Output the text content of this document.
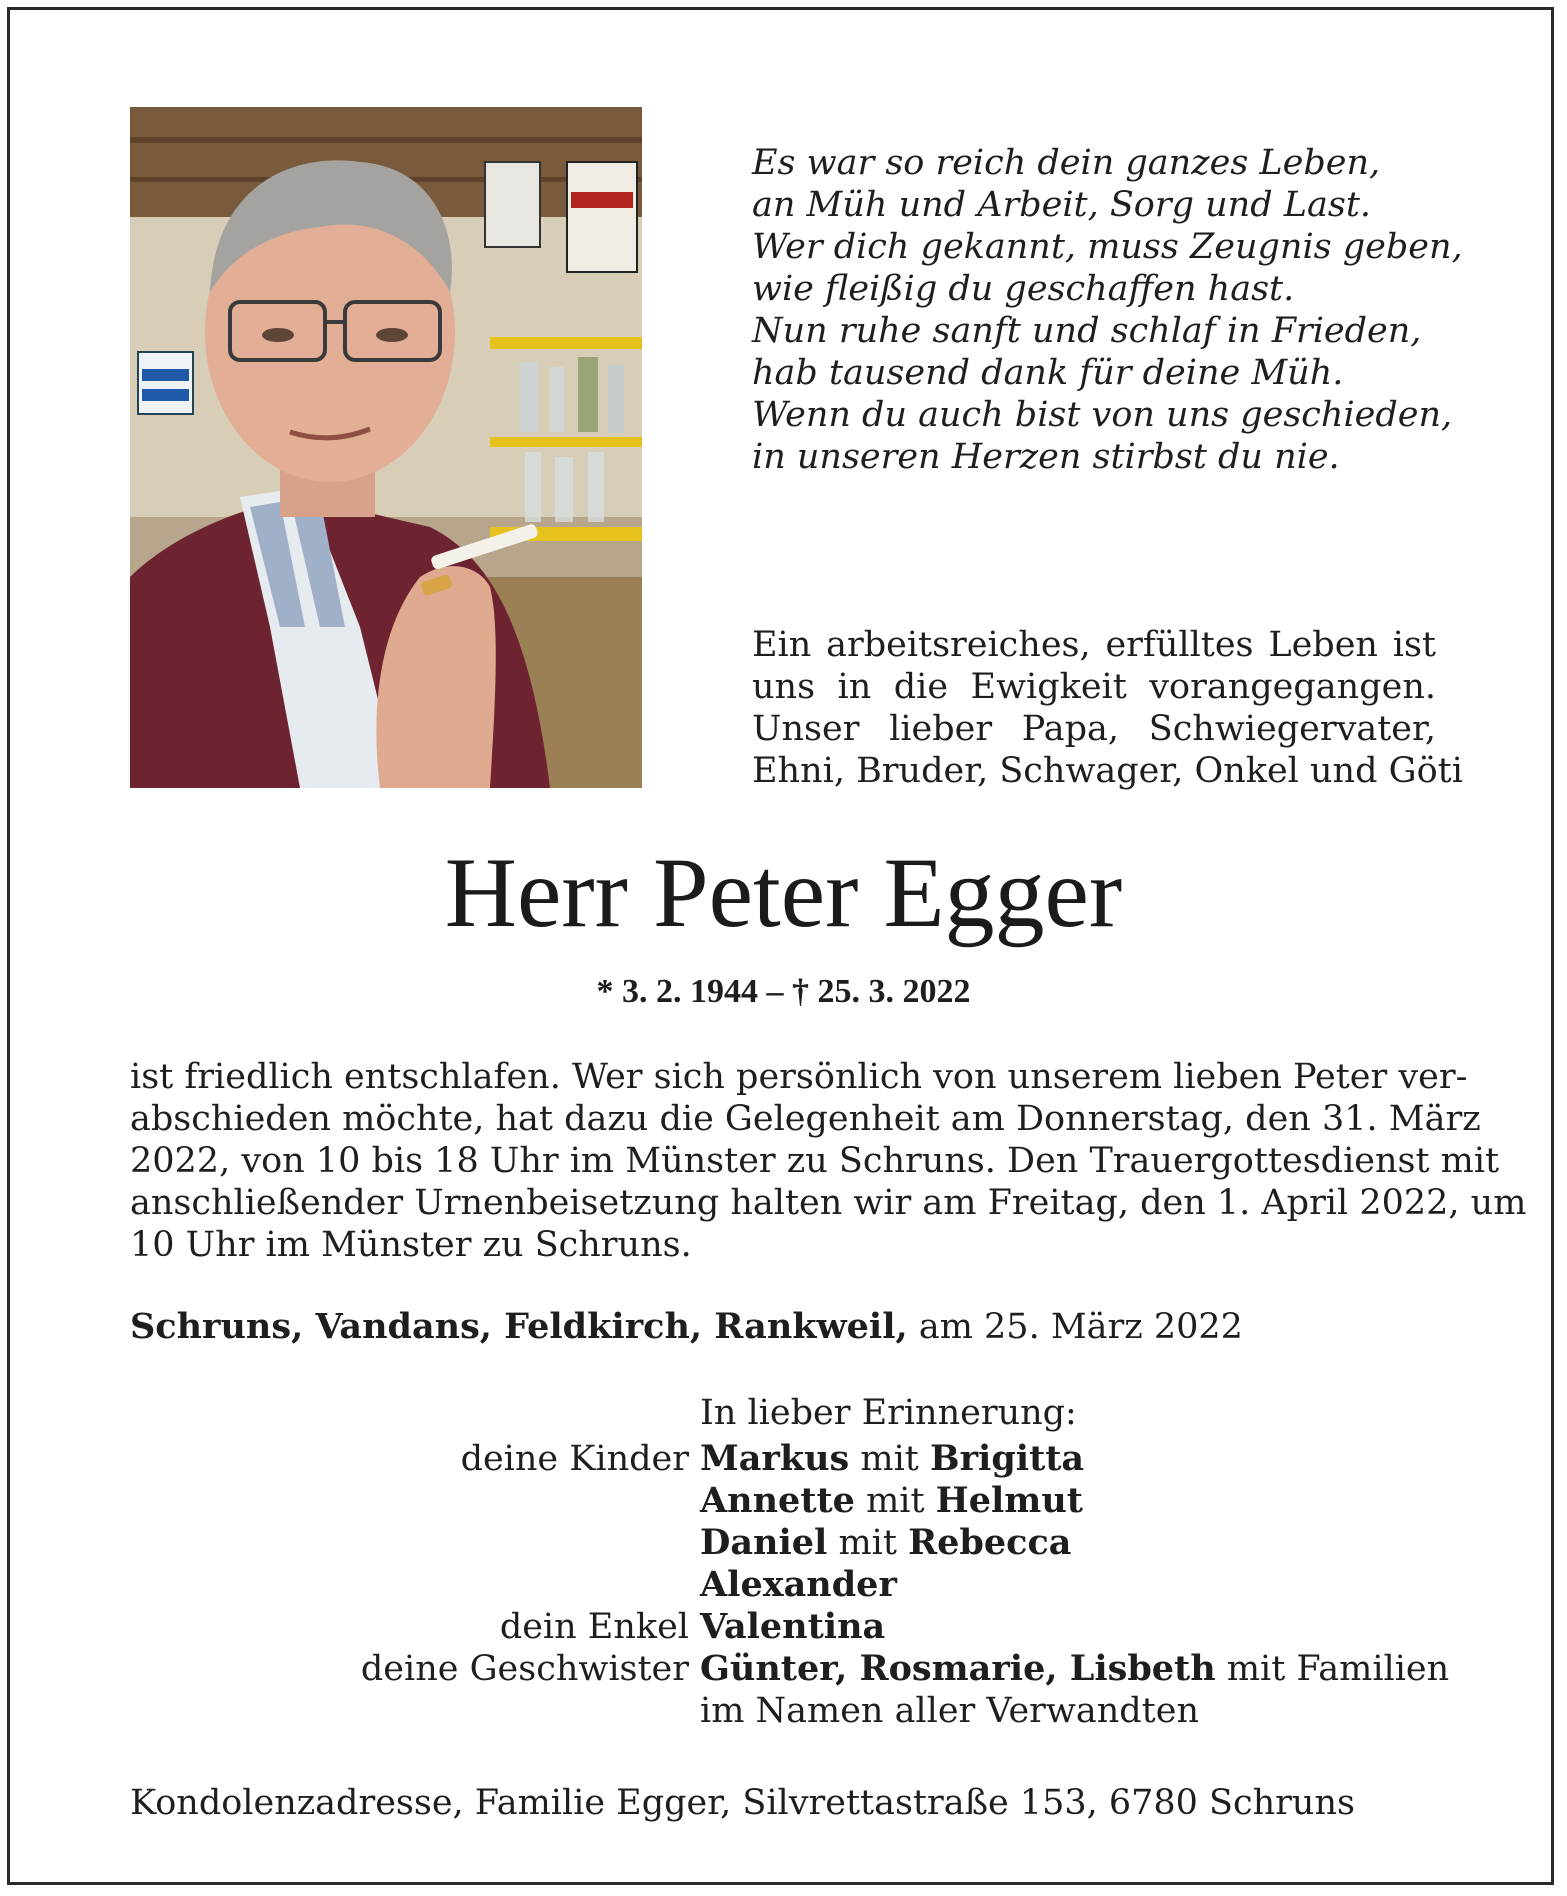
Es war so reich dein ganzes Leben,
an Müh und Arbeit, Sorg und Last.
Wer dich gekannt, muss Zeugnis geben,
wie fleißig du geschaffen hast.
Nun ruhe sanft und schlaf in Frieden,
hab tausend dank für deine Müh.
Wenn du auch bist von uns geschieden,
in unseren Herzen stirbst du nie.
Ein arbeitsreiches, erfülltes Leben ist
uns in die Ewigkeit vorangegangen.
Unser lieber Papa, Schwiegervater,
Ehni, Bruder, Schwager, Onkel und Göti
Herr Peter Egger
* 3. 2. 1944 – † 25. 3. 2022
ist friedlich entschlafen. Wer sich persönlich von unserem lieben Peter ver-
abschieden möchte, hat dazu die Gelegenheit am Donnerstag, den 31. März
2022, von 10 bis 18 Uhr im Münster zu Schruns. Den Trauergottesdienst mit
anschließender Urnenbeisetzung halten wir am Freitag, den 1. April 2022, um
10 Uhr im Münster zu Schruns.
Schruns, Vandans, Feldkirch, Rankweil, am 25. März 2022
In lieber Erinnerung:
deine Kinder Markus mit Brigitta
Annette mit Helmut
Daniel mit Rebecca
Alexander
dein Enkel Valentina
deine Geschwister Günter, Rosmarie, Lisbeth mit Familien
im Namen aller Verwandten
Kondolenzadresse, Familie Egger, Silvrettastraße 153, 6780 Schruns
